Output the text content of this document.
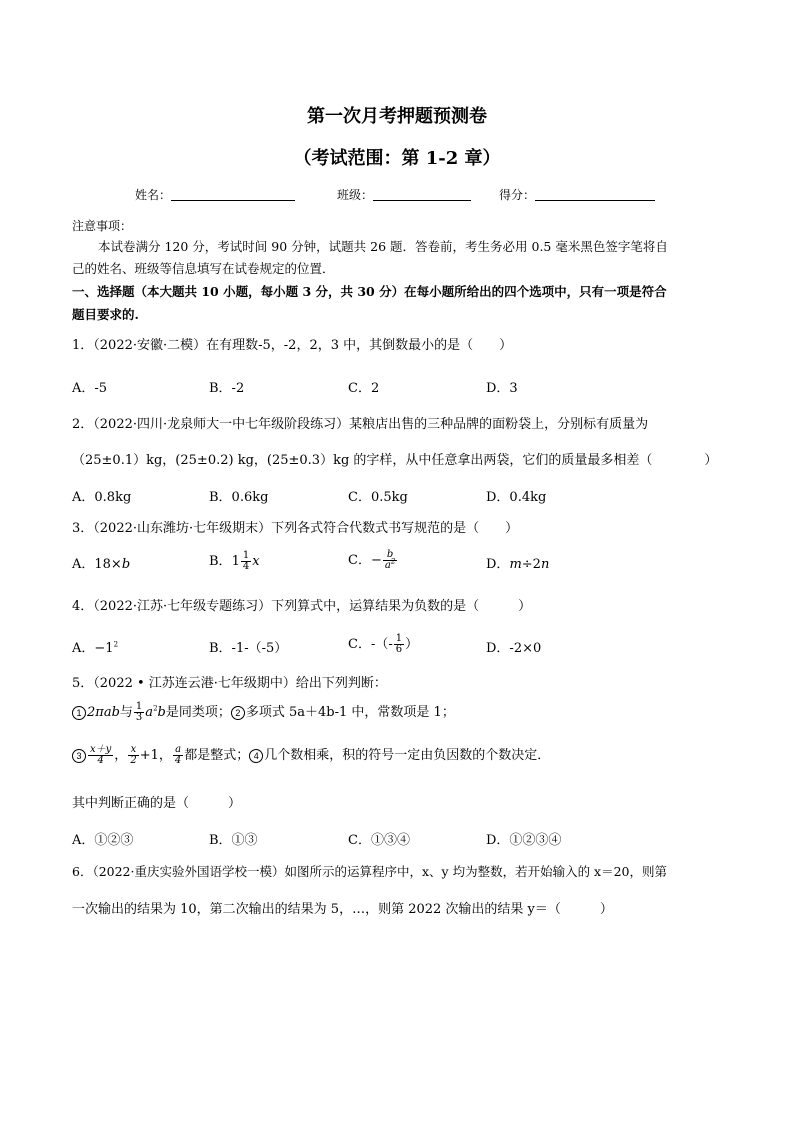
第一次月考押题预测卷
（考试范围：第 1-2 章）
姓名：	班级：	得分：
注意事项：
本试卷满分 120 分，考试时间 90 分钟，试题共 26 题．答卷前，考生务必用 0.5 毫米黑色签字笔将自
己的姓名、班级等信息填写在试卷规定的位置．
一、选择题（本大题共 10 小题，每小题 3 分，共 30 分）在每小题所给出的四个选项中，只有一项是符合
题目要求的.
1．（2022·安徽·二模）在有理数-5，-2，2，3 中，其倒数最小的是（　　）
A．-5	B．-2	C．2	D．3
2．（2022·四川·龙泉师大一中七年级阶段练习）某粮店出售的三种品牌的面粉袋上，分别标有质量为
（25±0.1）kg，(25±0.2) kg，(25±0.3）kg 的字样，从中任意拿出两袋，它们的质量最多相差（　　　　）
A．0.8kg	B．0.6kg	C．0.5kg	D．0.4kg
3．（2022·山东潍坊·七年级期末）下列各式符合代数式书写规范的是（　　）
A．18×b	B．$1 \frac{1}{4}$ x	C．− $\frac{b}{a^2}$	D．m÷2n
4．（2022·江苏·七年级专题练习）下列算式中，运算结果为负数的是（　　　）
A．$-1^2$	B．-1-（-5）	C．-（- $\frac{1}{6}$ ）	D．-2×0
5．（2022 • 江苏连云港·七年级期中）给出下列判断：
1 2πab与 $\frac{1}{3} a^2b$是同类项； 2 多项式 5a＋4b-1 中，常数项是 1；
$3 \frac{x+y}{4}$ ， $\frac{x}{2} +1$， $\frac{a}{4}$ 都是整式； 4 几个数相乘，积的符号一定由负因数的个数决定．
其中判断正确的是（　　　）
A．①②③	B．①③	C．①③④	D．①②③④
6．（2022·重庆实验外国语学校一模）如图所示的运算程序中，x、y 均为整数，若开始输入的 x＝20，则第
一次输出的结果为 10，第二次输出的结果为 5，…，则第 2022 次输出的结果 y＝（　　　）
